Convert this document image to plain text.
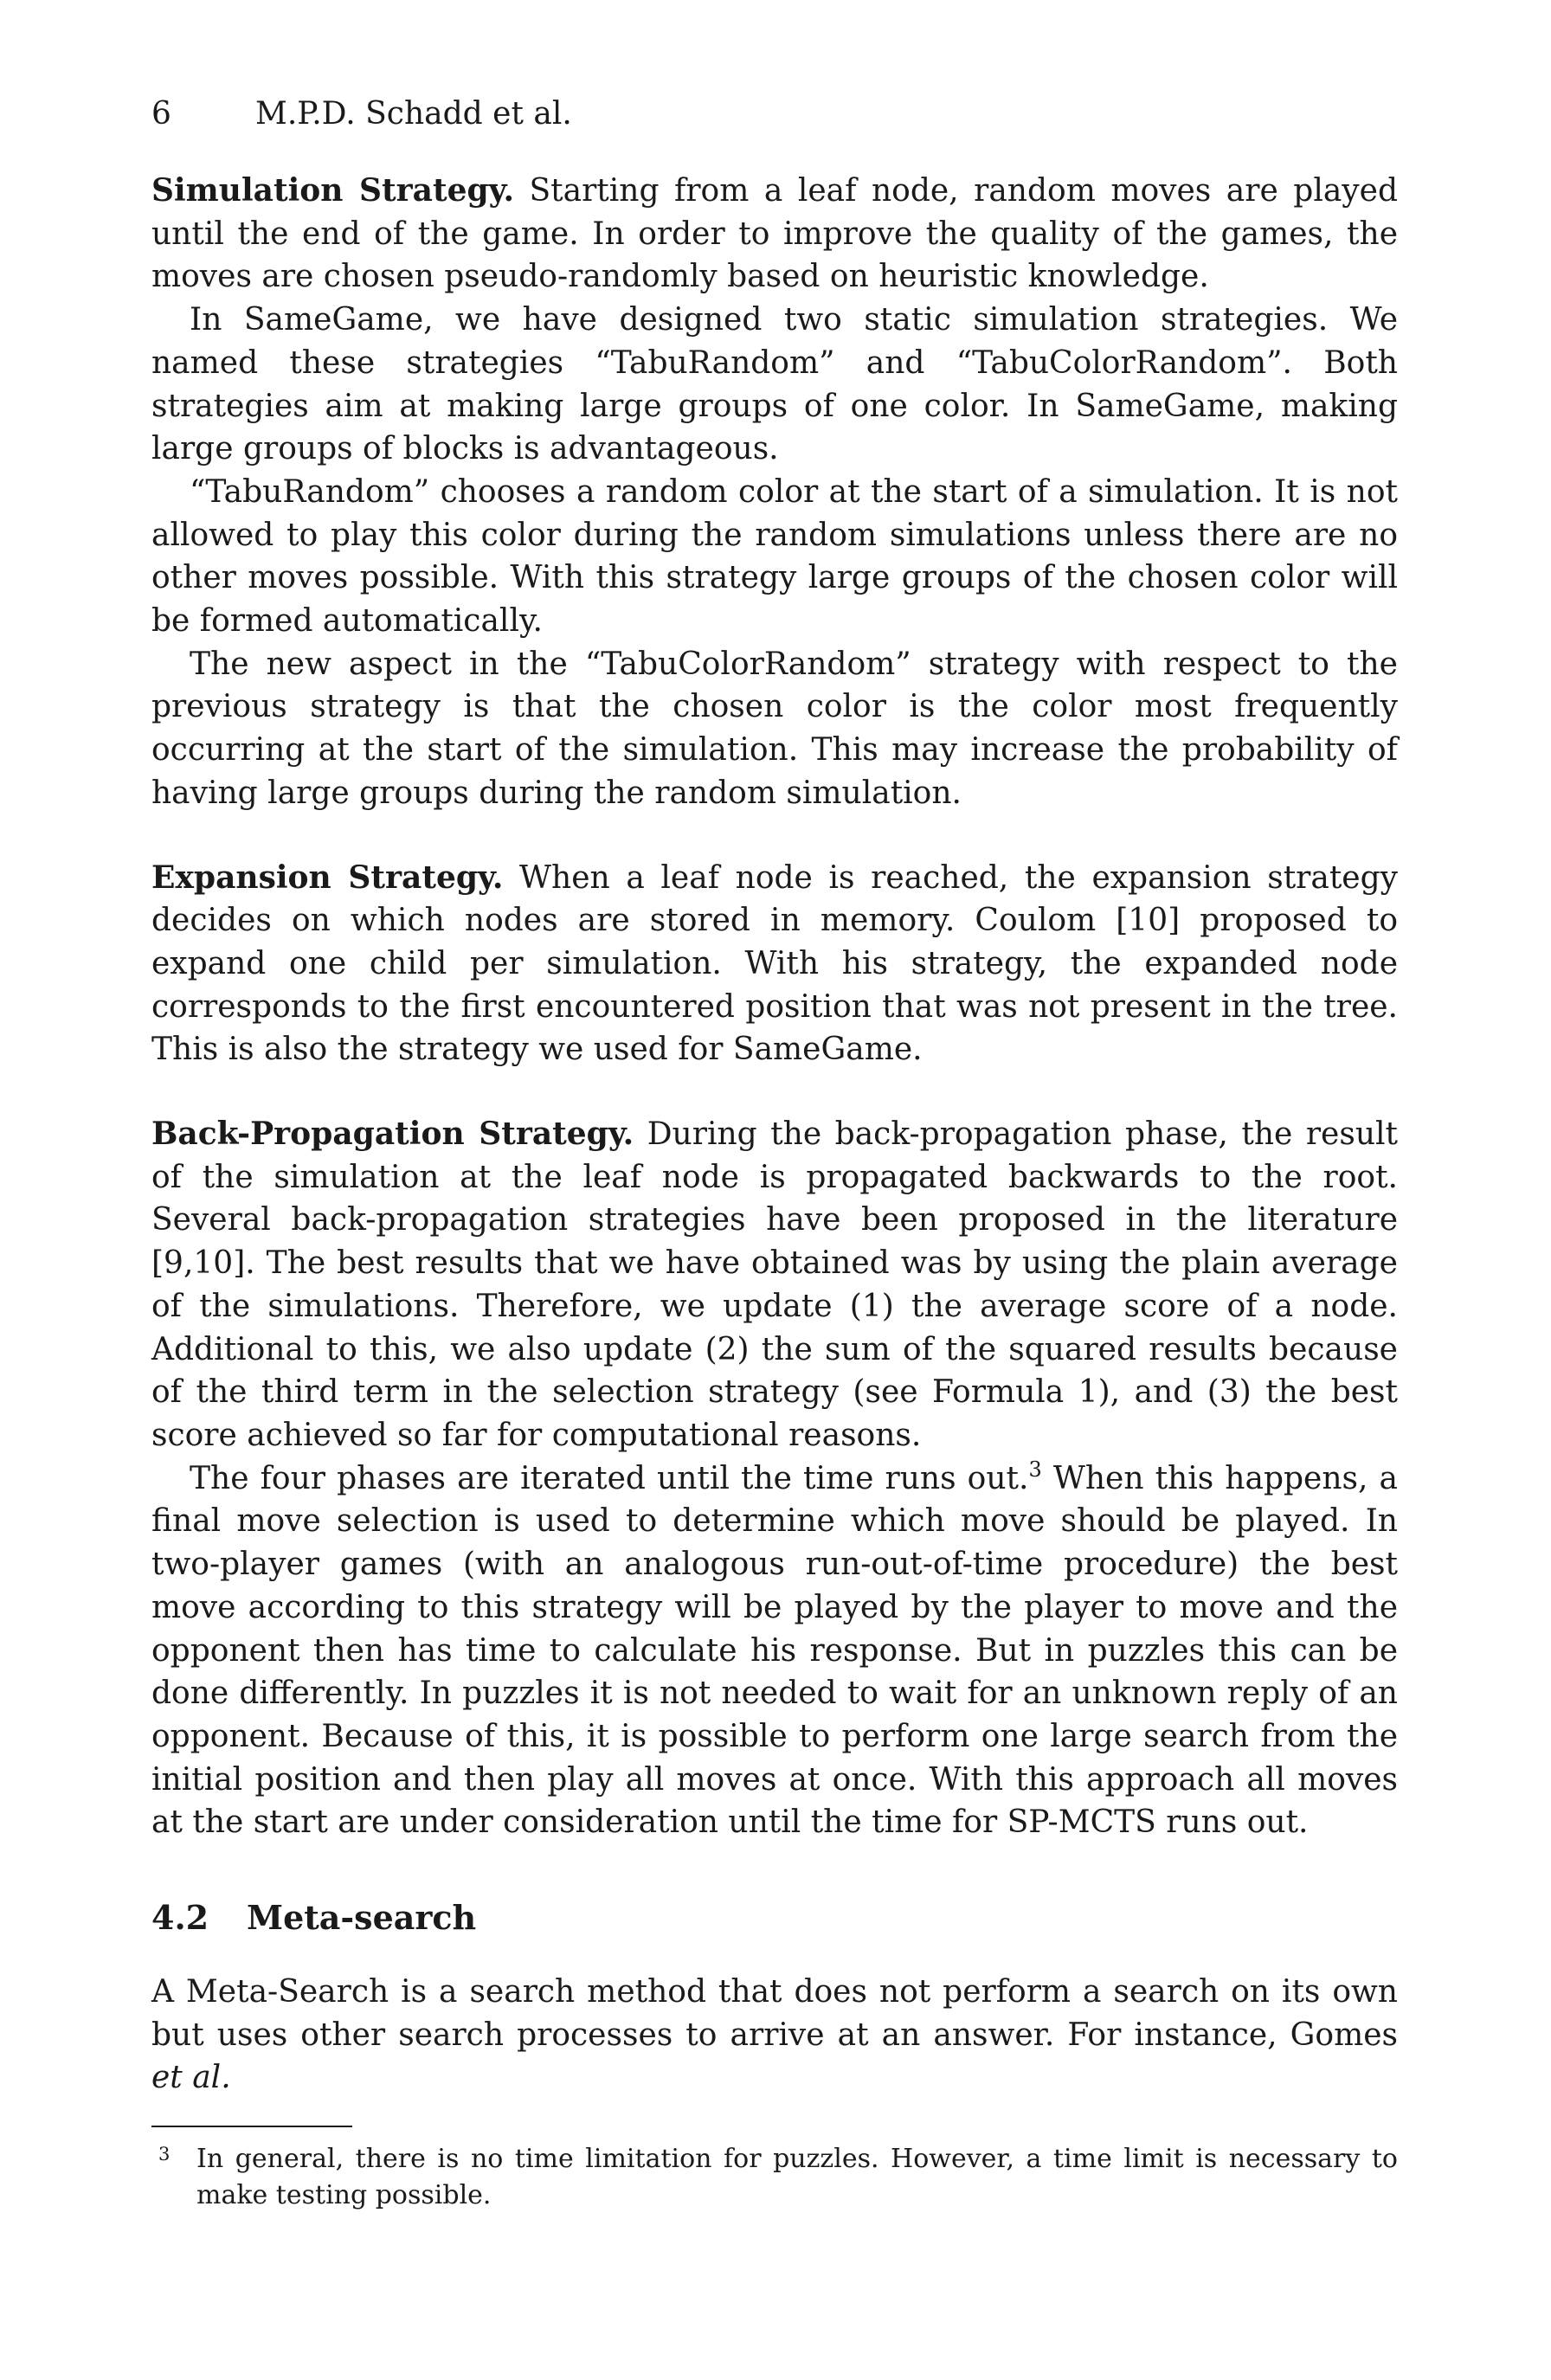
6	M.P.D. Schadd et al.

Simulation Strategy. Starting from a leaf node, random moves are played until the end of the game. In order to improve the quality of the games, the moves are chosen pseudo-randomly based on heuristic knowledge.

In SameGame, we have designed two static simulation strategies. We named these strategies “TabuRandom” and “TabuColorRandom”. Both strategies aim at making large groups of one color. In SameGame, making large groups of blocks is advantageous.

“TabuRandom” chooses a random color at the start of a simulation. It is not allowed to play this color during the random simulations unless there are no other moves possible. With this strategy large groups of the chosen color will be formed automatically.

The new aspect in the “TabuColorRandom” strategy with respect to the previous strategy is that the chosen color is the color most frequently occurring at the start of the simulation. This may increase the probability of having large groups during the random simulation.

Expansion Strategy. When a leaf node is reached, the expansion strategy decides on which nodes are stored in memory. Coulom [10] proposed to expand one child per simulation. With his strategy, the expanded node corresponds to the first encountered position that was not present in the tree. This is also the strategy we used for SameGame.

Back-Propagation Strategy. During the back-propagation phase, the result of the simulation at the leaf node is propagated backwards to the root. Several back-propagation strategies have been proposed in the literature [9,10]. The best results that we have obtained was by using the plain average of the simulations. Therefore, we update (1) the average score of a node. Additional to this, we also update (2) the sum of the squared results because of the third term in the selection strategy (see Formula 1), and (3) the best score achieved so far for computational reasons.

The four phases are iterated until the time runs out.$^3$ When this happens, a final move selection is used to determine which move should be played. In two-player games (with an analogous run-out-of-time procedure) the best move according to this strategy will be played by the player to move and the opponent then has time to calculate his response. But in puzzles this can be done differently. In puzzles it is not needed to wait for an unknown reply of an opponent. Because of this, it is possible to perform one large search from the initial position and then play all moves at once. With this approach all moves at the start are under consideration until the time for SP-MCTS runs out.

4.2	Meta-search

A Meta-Search is a search method that does not perform a search on its own but uses other search processes to arrive at an answer. For instance, Gomes et al.

3	In general, there is no time limitation for puzzles. However, a time limit is necessary to make testing possible.
